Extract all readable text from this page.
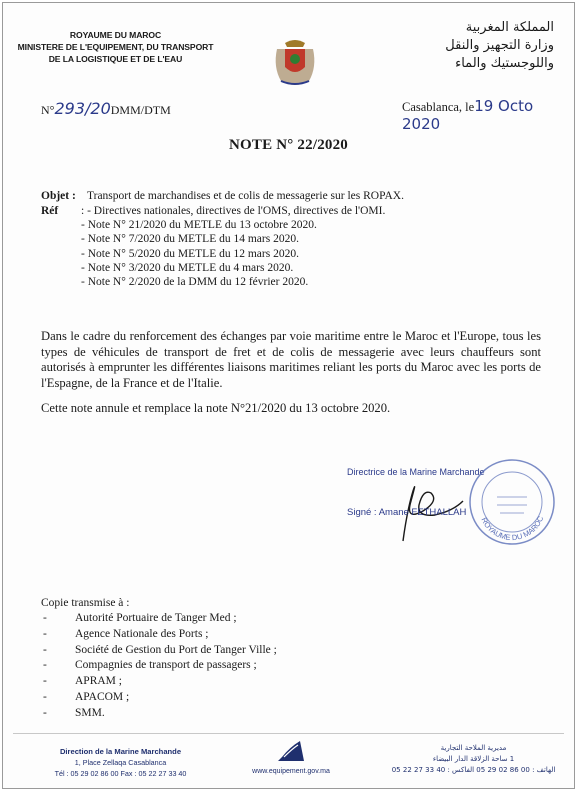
ROYAUME DU MAROC
MINISTERE DE L'EQUIPEMENT, DU TRANSPORT
DE LA LOGISTIQUE ET DE L'EAU
المملكة المغربية
وزارة التجهيز والنقل
واللوجستيك والماء
N°293/20DMM/DTM	Casablanca, le19 Octo 2020
NOTE N° 22/2020
Objet : Transport de marchandises et de colis de messagerie sur les ROPAX.
Réf : - Directives nationales, directives de l'OMS, directives de l'OMI.
- Note N° 21/2020 du METLE du 13 octobre 2020.
- Note N° 7/2020 du METLE du 14 mars 2020.
- Note N° 5/2020 du METLE du 12 mars 2020.
- Note N° 3/2020 du METLE du 4 mars 2020.
- Note N° 2/2020 de la DMM du 12 février 2020.
Dans le cadre du renforcement des échanges par voie maritime entre le Maroc et l'Europe, tous les types de véhicules de transport de fret et de colis de messagerie avec leurs chauffeurs sont autorisés à emprunter les différentes liaisons maritimes reliant les ports du Maroc avec les ports de l'Espagne, de la France et de l'Italie.
Cette note annule et remplace la note N°21/2020 du 13 octobre 2020.
Directrice de la Marine Marchande
Signé : Amane FETHALLAH
ROYAUME DU MAROC
Copie transmise à :
- Autorité Portuaire de Tanger Med ;
- Agence Nationale des Ports ;
- Société de Gestion du Port de Tanger Ville ;
- Compagnies de transport de passagers ;
- APRAM ;
- APACOM ;
- SMM.
Direction de la Marine Marchande
1, Place Zellaqa Casablanca
Tél : 05 29 02 86 00 Fax : 05 22 27 33 40	www.equipement.gov.ma
مديرية الملاحة التجارية
1 ساحة الزلاقة الدار البيضاء
الهاتف : 00 86 02 29 05 الفاكس : 40 33 27 22 05
